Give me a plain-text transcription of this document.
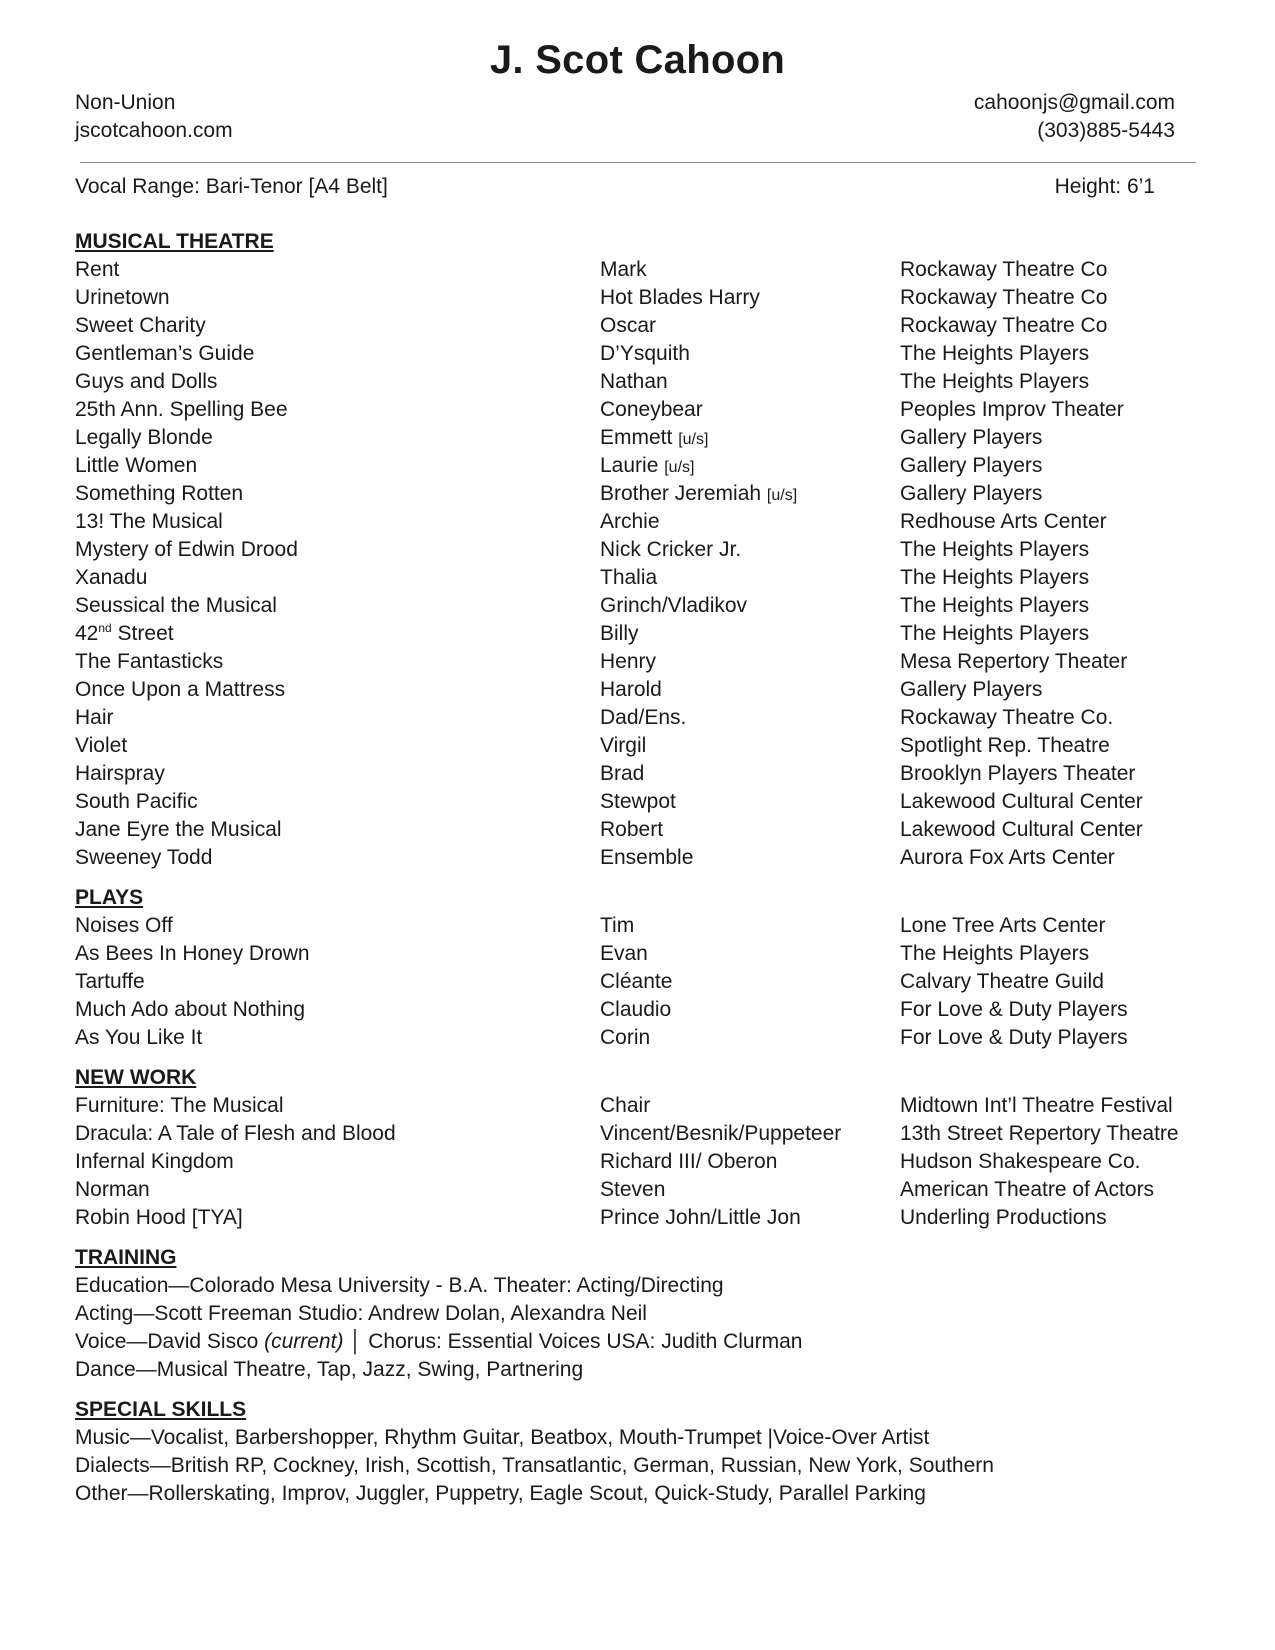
J. Scot Cahoon
Non-Union
jscotcahoon.com
cahoonjs@gmail.com
(303)885-5443
Vocal Range: Bari-Tenor [A4 Belt]	Height: 6’1
MUSICAL THEATRE
Rent	Mark	Rockaway Theatre Co
Urinetown	Hot Blades Harry	Rockaway Theatre Co
Sweet Charity	Oscar	Rockaway Theatre Co
Gentleman’s Guide	D’Ysquith	The Heights Players
Guys and Dolls	Nathan	The Heights Players
25th Ann. Spelling Bee	Coneybear	Peoples Improv Theater
Legally Blonde	Emmett [u/s]	Gallery Players
Little Women	Laurie [u/s]	Gallery Players
Something Rotten	Brother Jeremiah [u/s]	Gallery Players
13! The Musical	Archie	Redhouse Arts Center
Mystery of Edwin Drood	Nick Cricker Jr.	The Heights Players
Xanadu	Thalia	The Heights Players
Seussical the Musical	Grinch/Vladikov	The Heights Players
42nd Street	Billy	The Heights Players
The Fantasticks	Henry	Mesa Repertory Theater
Once Upon a Mattress	Harold	Gallery Players
Hair	Dad/Ens.	Rockaway Theatre Co.
Violet	Virgil	Spotlight Rep. Theatre
Hairspray	Brad	Brooklyn Players Theater
South Pacific	Stewpot	Lakewood Cultural Center
Jane Eyre the Musical	Robert	Lakewood Cultural Center
Sweeney Todd	Ensemble	Aurora Fox Arts Center
PLAYS
Noises Off	Tim	Lone Tree Arts Center
As Bees In Honey Drown	Evan	The Heights Players
Tartuffe	Cléante	Calvary Theatre Guild
Much Ado about Nothing	Claudio	For Love & Duty Players
As You Like It	Corin	For Love & Duty Players
NEW WORK
Furniture: The Musical	Chair	Midtown Int’l Theatre Festival
Dracula: A Tale of Flesh and Blood	Vincent/Besnik/Puppeteer	13th Street Repertory Theatre
Infernal Kingdom	Richard III/ Oberon	Hudson Shakespeare Co.
Norman	Steven	American Theatre of Actors
Robin Hood [TYA]	Prince John/Little Jon	Underling Productions
TRAINING
Education—Colorado Mesa University - B.A. Theater: Acting/Directing
Acting—Scott Freeman Studio: Andrew Dolan, Alexandra Neil
Voice—David Sisco (current) │ Chorus: Essential Voices USA: Judith Clurman
Dance—Musical Theatre, Tap, Jazz, Swing, Partnering
SPECIAL SKILLS
Music—Vocalist, Barbershopper, Rhythm Guitar, Beatbox, Mouth-Trumpet |Voice-Over Artist
Dialects—British RP, Cockney, Irish, Scottish, Transatlantic, German, Russian, New York, Southern
Other—Rollerskating, Improv, Juggler, Puppetry, Eagle Scout, Quick-Study, Parallel Parking
